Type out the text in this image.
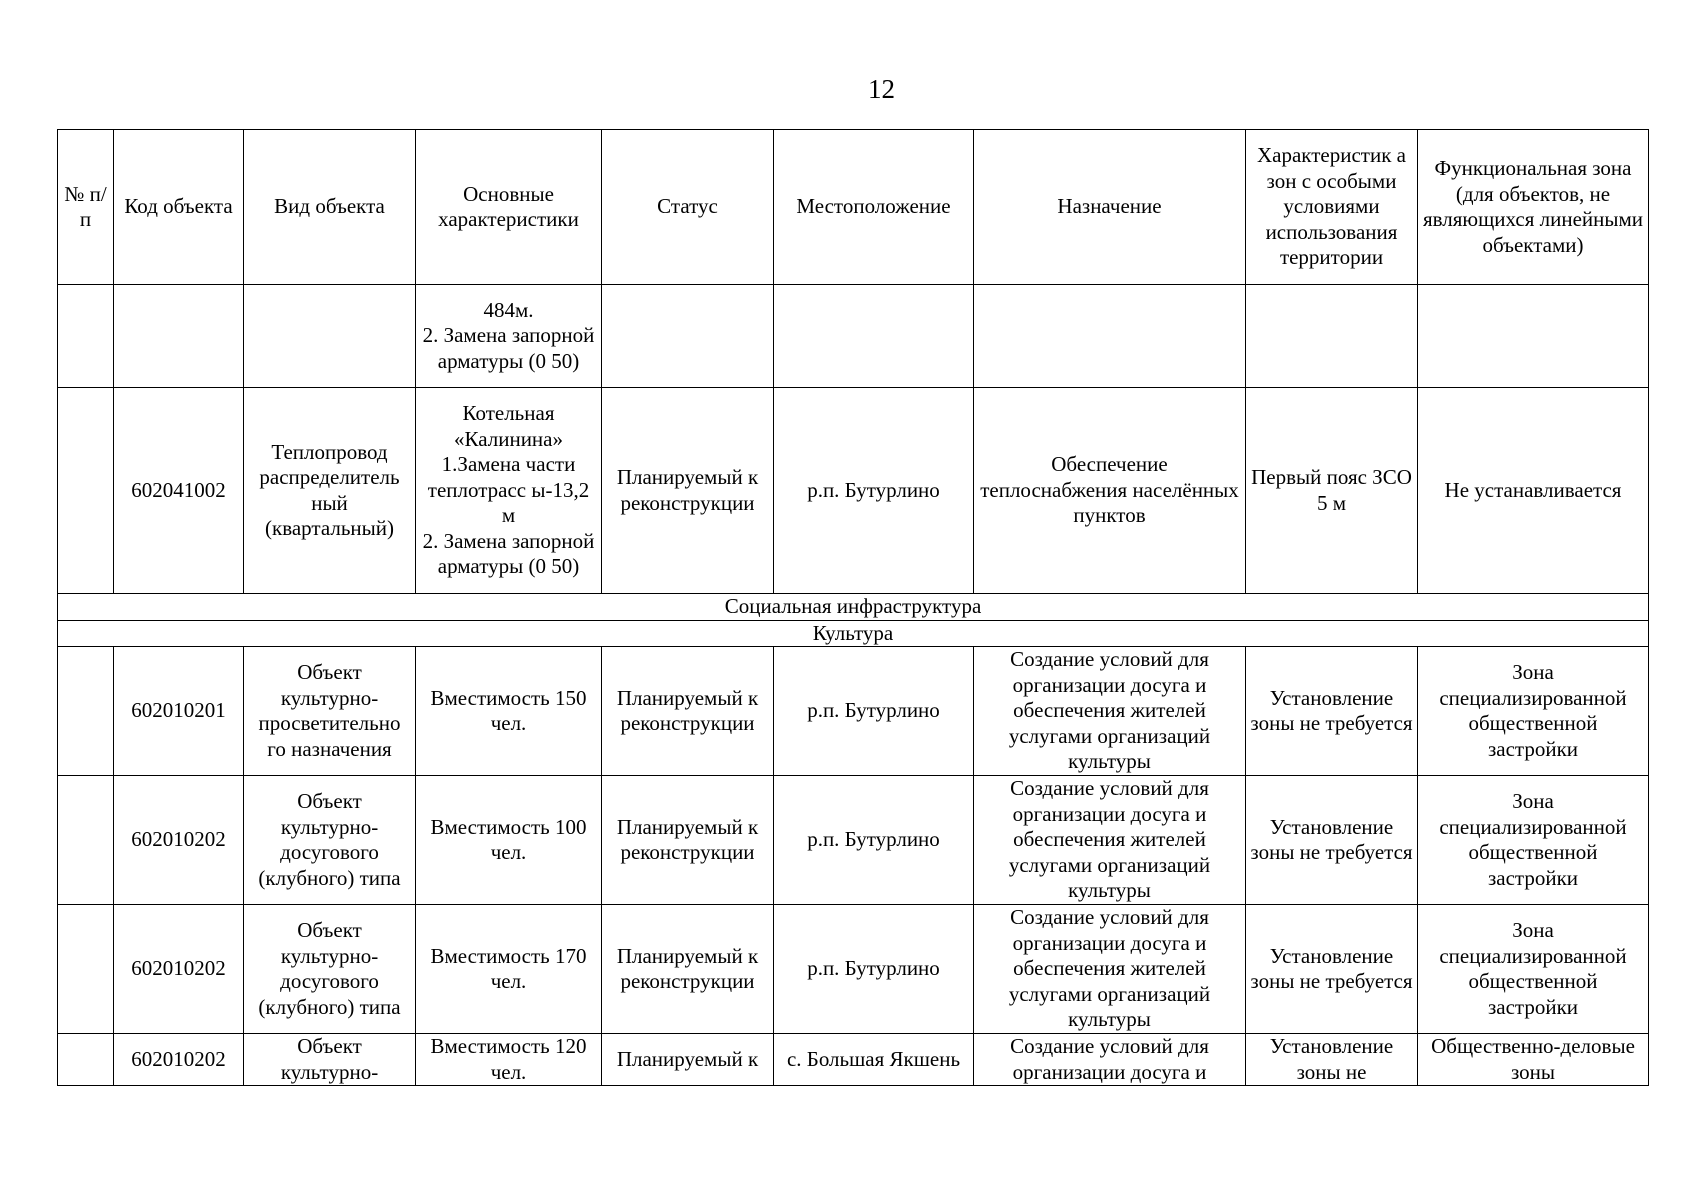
12
№ п/п	Код объекта	Вид объекта	Основные характеристики	Статус	Местоположение	Назначение	Характеристик а зон с особыми условиями использования территории	Функциональная зона (для объектов, не являющихся линейными объектами)
			484м.
2. Замена запорной арматуры (0 50)					
	602041002	Теплопровод распределитель ный (квартальный)	Котельная «Калинина»
1.Замена части теплотрасс ы-13,2 м
2. Замена запорной арматуры (0 50)	Планируемый к реконструкции	р.п. Бутурлино	Обеспечение теплоснабжения населённых пунктов	Первый пояс ЗСО 5 м	Не устанавливается
Социальная инфраструктура								
Культура								
	602010201	Объект культурно-просветительно го назначения	Вместимость 150 чел.	Планируемый к реконструкции	р.п. Бутурлино	Создание условий для организации досуга и обеспечения жителей услугами организаций культуры	Установление зоны не требуется	Зона специализированной общественной застройки
	602010202	Объект культурно-досугового (клубного) типа	Вместимость 100 чел.	Планируемый к реконструкции	р.п. Бутурлино	Создание условий для организации досуга и обеспечения жителей услугами организаций культуры	Установление зоны не требуется	Зона специализированной общественной застройки
	602010202	Объект культурно-досугового (клубного) типа	Вместимость 170 чел.	Планируемый к реконструкции	р.п. Бутурлино	Создание условий для организации досуга и обеспечения жителей услугами организаций культуры	Установление зоны не требуется	Зона специализированной общественной застройки
	602010202	Объект культурно-	Вместимость 120 чел.	Планируемый к	с. Большая Якшень	Создание условий для организации досуга и	Установление зоны не	Общественно-деловые зоны
